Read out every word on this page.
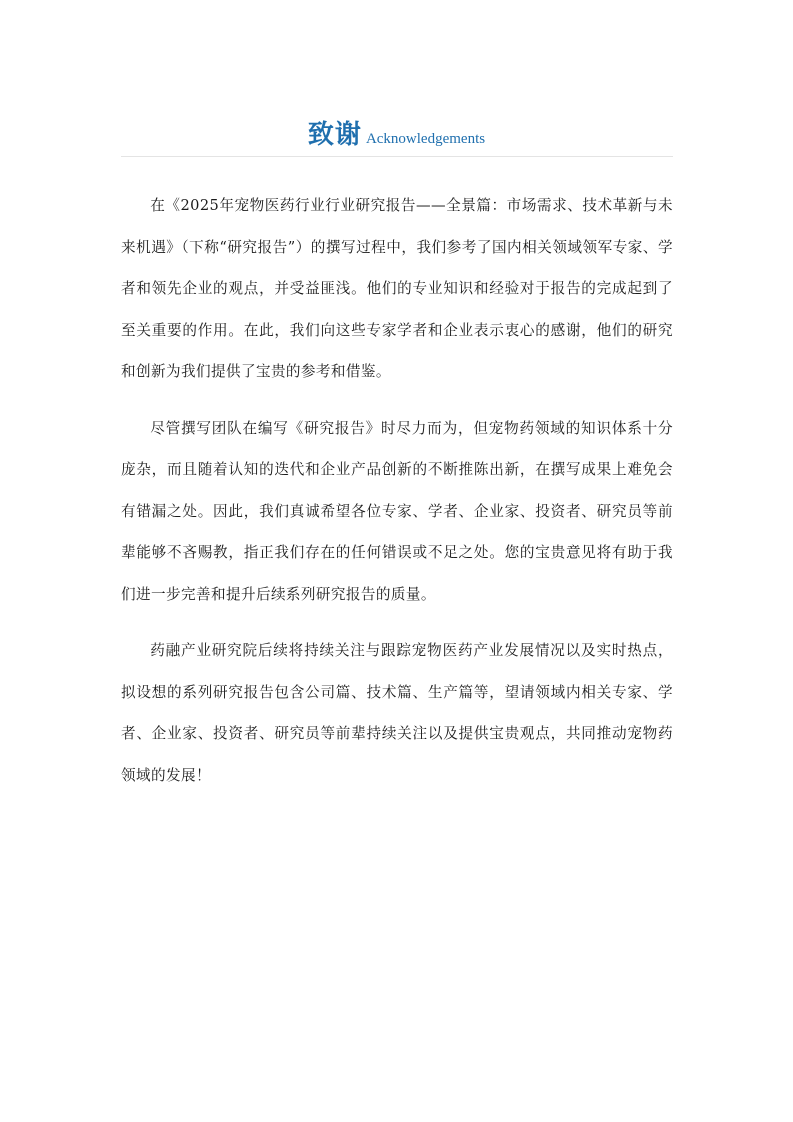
致谢 Acknowledgements

在《2025年宠物医药行业行业研究报告——全景篇：市场需求、技术革新与未来机遇》（下称“研究报告”）的撰写过程中，我们参考了国内相关领域领军专家、学者和领先企业的观点，并受益匪浅。他们的专业知识和经验对于报告的完成起到了至关重要的作用。在此，我们向这些专家学者和企业表示衷心的感谢，他们的研究和创新为我们提供了宝贵的参考和借鉴。

尽管撰写团队在编写《研究报告》时尽力而为，但宠物药领域的知识体系十分庞杂，而且随着认知的迭代和企业产品创新的不断推陈出新，在撰写成果上难免会有错漏之处。因此，我们真诚希望各位专家、学者、企业家、投资者、研究员等前辈能够不吝赐教，指正我们存在的任何错误或不足之处。您的宝贵意见将有助于我们进一步完善和提升后续系列研究报告的质量。

药融产业研究院后续将持续关注与跟踪宠物医药产业发展情况以及实时热点，拟设想的系列研究报告包含公司篇、技术篇、生产篇等，望请领域内相关专家、学者、企业家、投资者、研究员等前辈持续关注以及提供宝贵观点，共同推动宠物药领域的发展！
